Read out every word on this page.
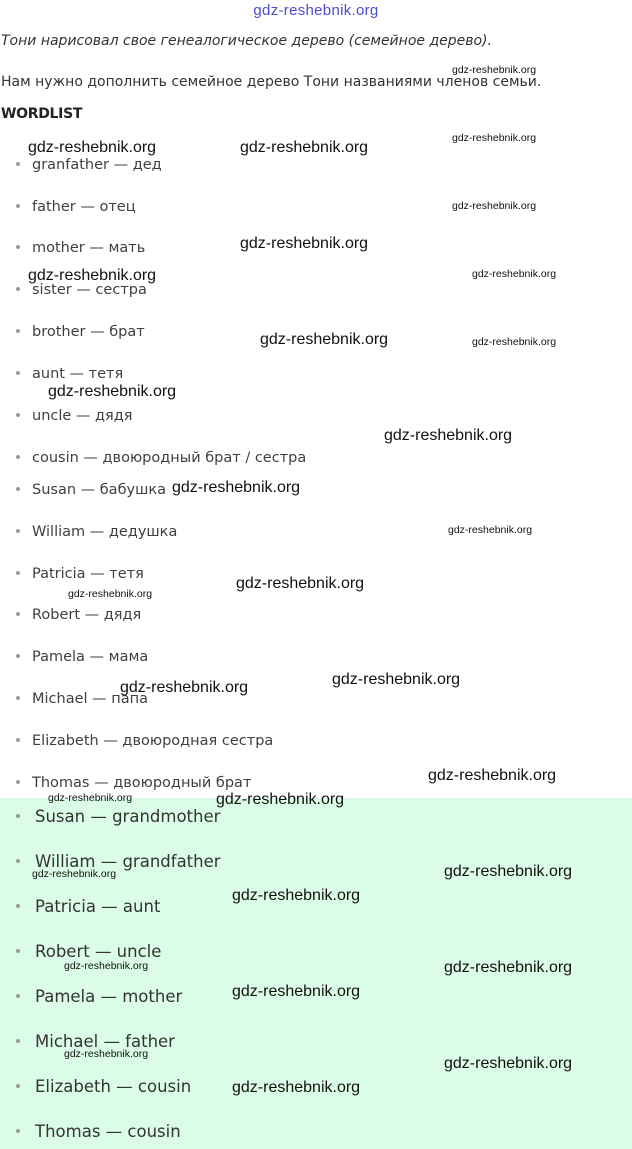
gdz-reshebnik.org
Тони нарисовал свое генеалогическое дерево (семейное дерево).
Нам нужно дополнить семейное дерево Тони названиями членов семьи.
WORDLIST
granfather — дед
father — отец
mother — мать
sister — сестра
brother — брат
aunt — тетя
uncle — дядя
cousin — двоюродный брат / сестра
Susan — бабушка
William — дедушка
Patricia — тетя
Robert — дядя
Pamela — мама
Michael — папа
Elizabeth — двоюродная сестра
Thomas — двоюродный брат
Susan — grandmother
William — grandfather
Patricia — aunt
Robert — uncle
Pamela — mother
Michael — father
Elizabeth — cousin
Thomas — cousin
gdz-reshebnik.org
gdz-reshebnik.org
gdz-reshebnik.org	gdz-reshebnik.org
gdz-reshebnik.org
gdz-reshebnik.org
gdz-reshebnik.org	gdz-reshebnik.org
gdz-reshebnik.org	gdz-reshebnik.org
gdz-reshebnik.org
gdz-reshebnik.org
gdz-reshebnik.org
gdz-reshebnik.org
gdz-reshebnik.org
gdz-reshebnik.org
gdz-reshebnik.org
gdz-reshebnik.org
gdz-reshebnik.org
gdz-reshebnik.org	gdz-reshebnik.org
gdz-reshebnik.org	gdz-reshebnik.org
gdz-reshebnik.org
gdz-reshebnik.org	gdz-reshebnik.org
gdz-reshebnik.org
gdz-reshebnik.org
gdz-reshebnik.org
gdz-reshebnik.org
